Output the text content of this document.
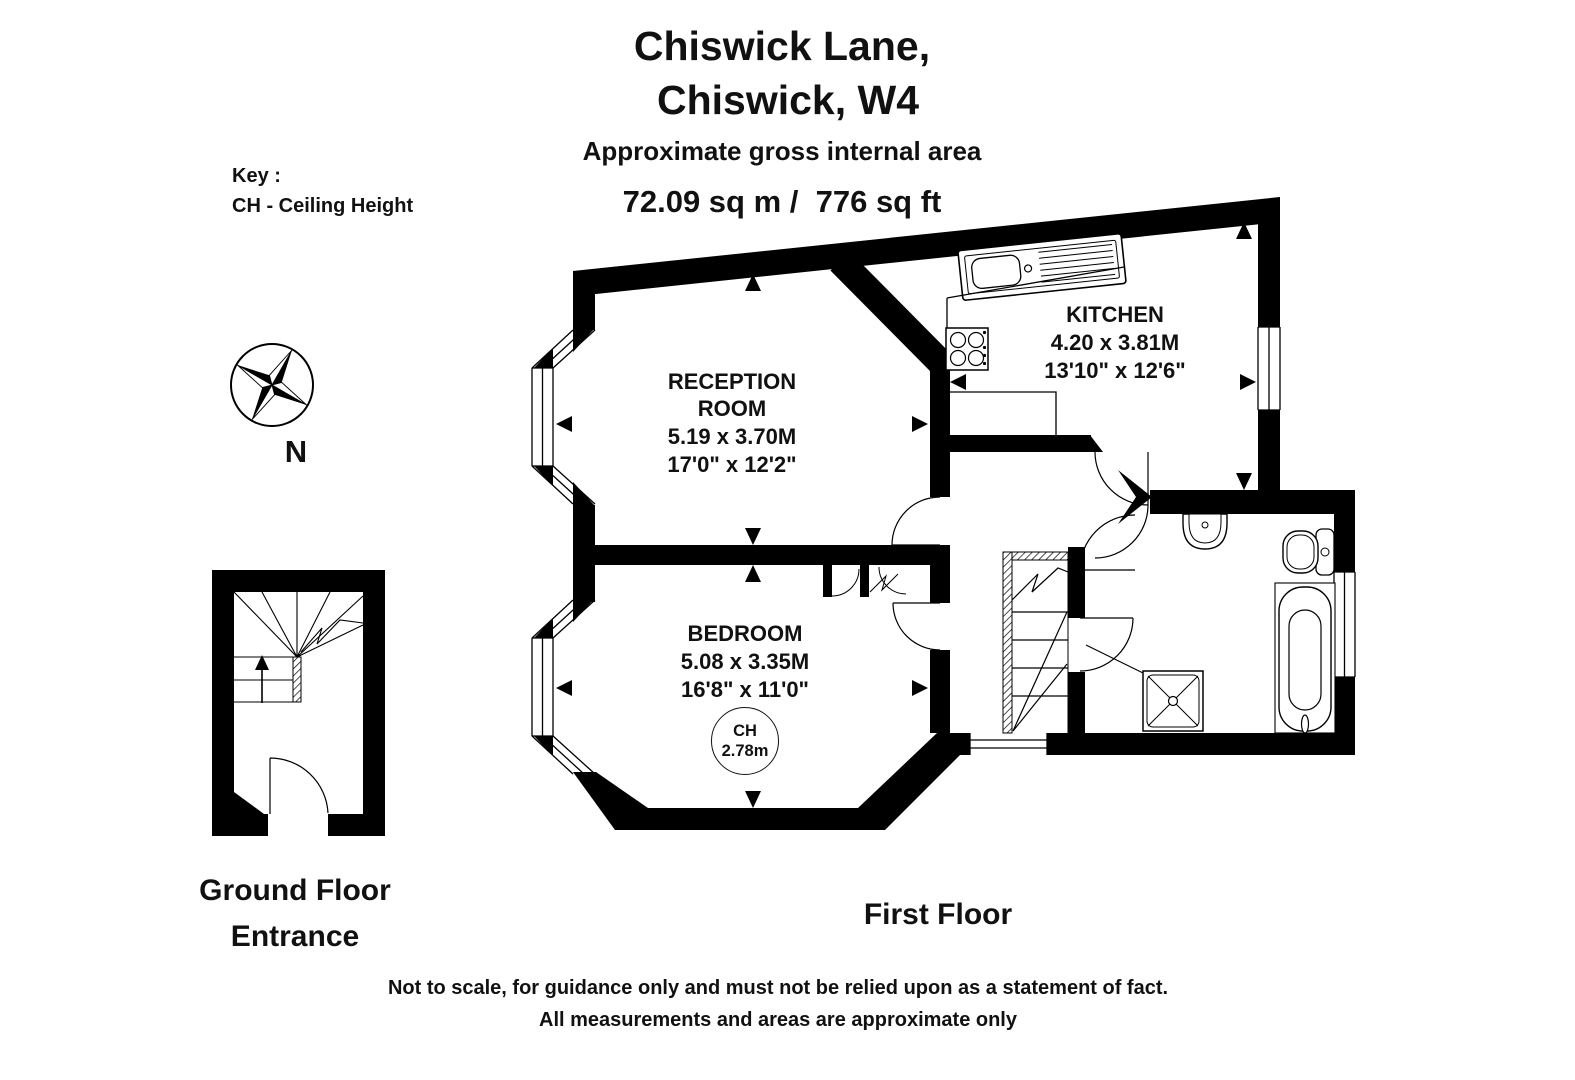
Chiswick Lane,
Chiswick, W4
Approximate gross internal area
72.09 sq m /  776 sq ft
Key :
CH - Ceiling Height
N
RECEPTION
ROOM
5.19 x 3.70M
17'0" x 12'2"
KITCHEN
4.20 x 3.81M
13'10" x 12'6"
BEDROOM
5.08 x 3.35M
16'8" x 11'0"
CH
2.78m
Ground Floor
Entrance
First Floor
Not to scale, for guidance only and must not be relied upon as a statement of fact.
All measurements and areas are approximate only
